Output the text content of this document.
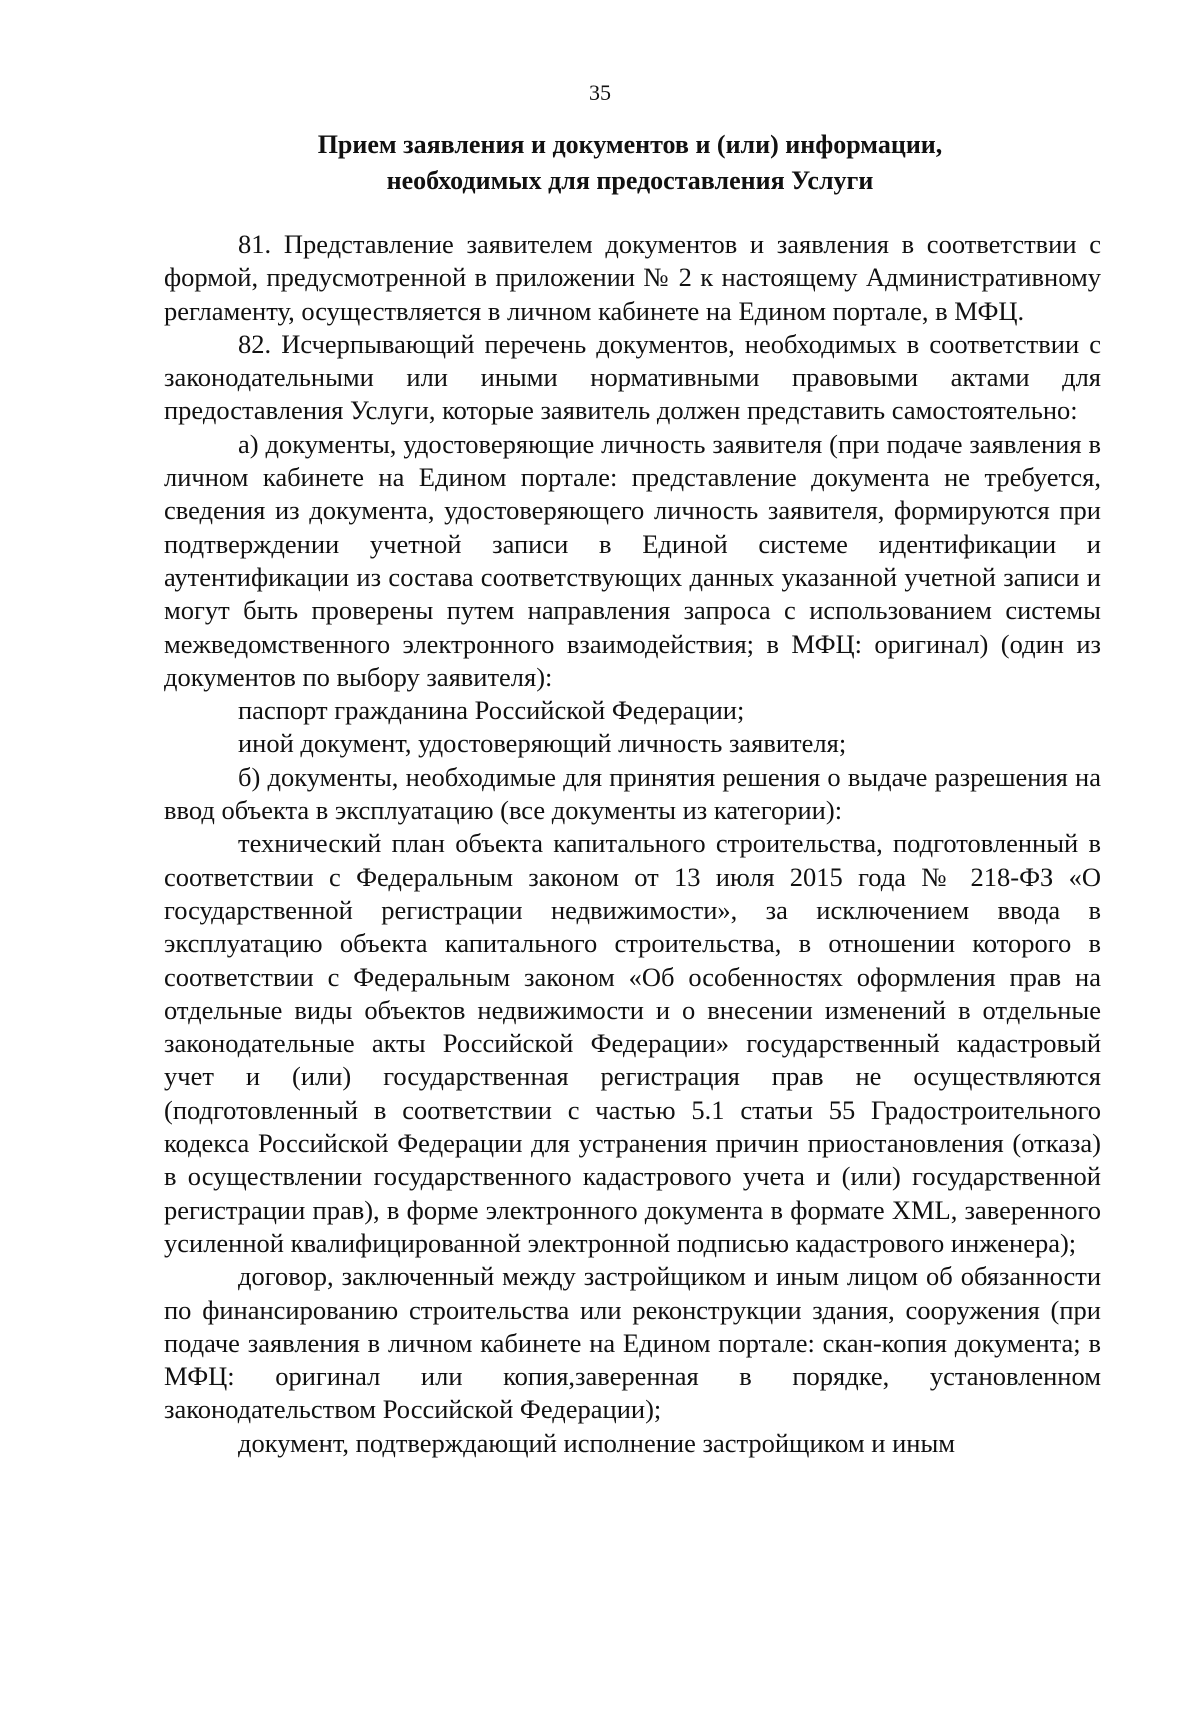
35
Прием заявления и документов и (или) информации,
необходимых для предоставления Услуги

81. Представление заявителем документов и заявления в соответствии с формой, предусмотренной в приложении № 2 к настоящему Административному регламенту, осуществляется в личном кабинете на Едином портале, в МФЦ.

82. Исчерпывающий перечень документов, необходимых в соответствии с законодательными или иными нормативными правовыми актами для предоставления Услуги, которые заявитель должен представить самостоятельно:

а) документы, удостоверяющие личность заявителя (при подаче заявления в личном кабинете на Едином портале: представление документа не требуется, сведения из документа, удостоверяющего личность заявителя, формируются при подтверждении учетной записи в Единой системе идентификации и аутентификации из состава соответствующих данных указанной учетной записи и могут быть проверены путем направления запроса с использованием системы межведомственного электронного взаимодействия; в МФЦ: оригинал) (один из документов по выбору заявителя):

паспорт гражданина Российской Федерации;

иной документ, удостоверяющий личность заявителя;

б) документы, необходимые для принятия решения о выдаче разрешения на ввод объекта в эксплуатацию (все документы из категории):

технический план объекта капитального строительства, подготовленный в соответствии с Федеральным законом от 13 июля 2015 года № 218-ФЗ «О государственной регистрации недвижимости», за исключением ввода в эксплуатацию объекта капитального строительства, в отношении которого в соответствии с Федеральным законом «Об особенностях оформления прав на отдельные виды объектов недвижимости и о внесении изменений в отдельные законодательные акты Российской Федерации» государственный кадастровый учет и (или) государственная регистрация прав не осуществляются (подготовленный в соответствии с частью 5.1 статьи 55 Градостроительного кодекса Российской Федерации для устранения причин приостановления (отказа) в осуществлении государственного кадастрового учета и (или) государственной регистрации прав), в форме электронного документа в формате XML, заверенного усиленной квалифицированной электронной подписью кадастрового инженера);

договор, заключенный между застройщиком и иным лицом об обязанности по финансированию строительства или реконструкции здания, сооружения (при подаче заявления в личном кабинете на Едином портале: скан-копия документа; в МФЦ: оригинал или копия,заверенная в порядке, установленном законодательством Российской Федерации);

документ, подтверждающий исполнение застройщиком и иным
